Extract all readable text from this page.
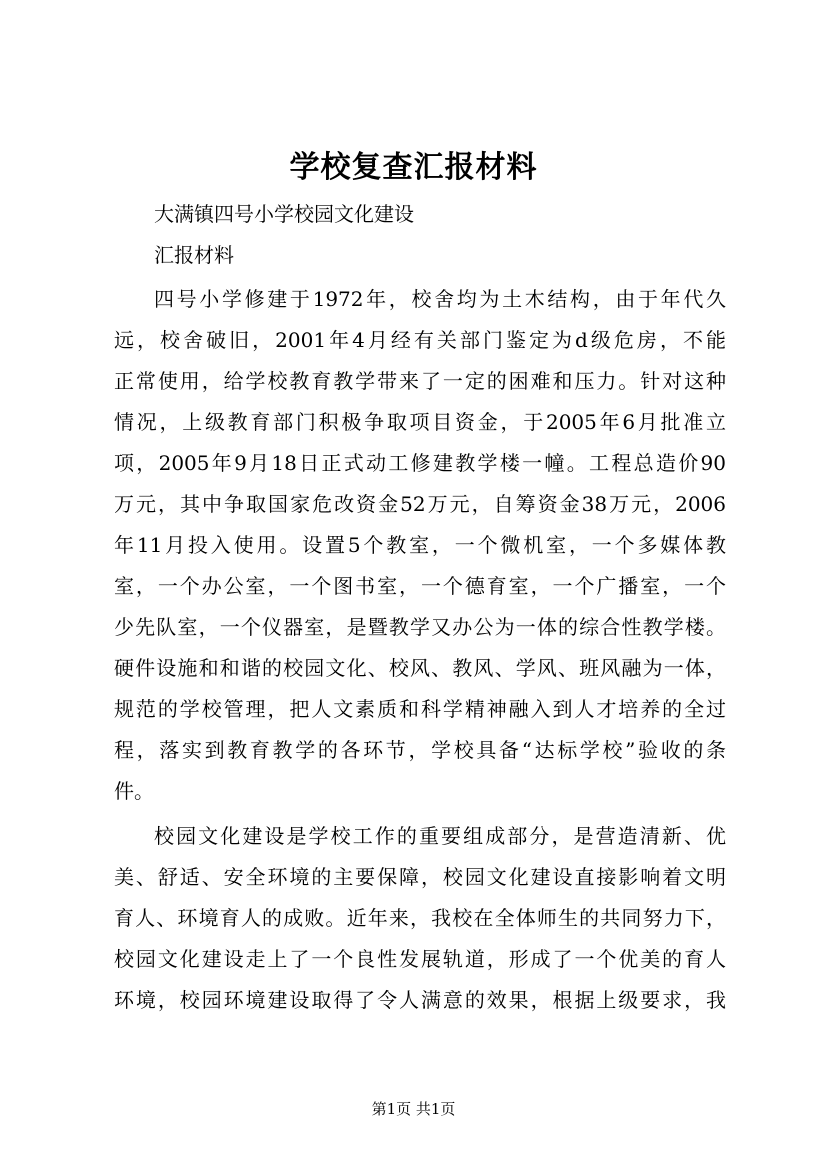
学校复查汇报材料

大满镇四号小学校园文化建设

汇报材料

四号小学修建于1972年，校舍均为土木结构，由于年代久

远，校舍破旧，2001年4月经有关部门鉴定为d级危房，不能

正常使用，给学校教育教学带来了一定的困难和压力。针对这种

情况，上级教育部门积极争取项目资金，于2005年6月批准立

项，2005年9月18日正式动工修建教学楼一幢。工程总造价90

万元，其中争取国家危改资金52万元，自筹资金38万元，2006

年11月投入使用。设置5个教室，一个微机室，一个多媒体教

室，一个办公室，一个图书室，一个德育室，一个广播室，一个

少先队室，一个仪器室，是暨教学又办公为一体的综合性教学楼。

硬件设施和和谐的校园文化、校风、教风、学风、班风融为一体，

规范的学校管理，把人文素质和科学精神融入到人才培养的全过

程，落实到教育教学的各环节，学校具备“达标学校”验收的条

件。

校园文化建设是学校工作的重要组成部分，是营造清新、优

美、舒适、安全环境的主要保障，校园文化建设直接影响着文明

育人、环境育人的成败。近年来，我校在全体师生的共同努力下，

校园文化建设走上了一个良性发展轨道，形成了一个优美的育人

环境，校园环境建设取得了令人满意的效果，根据上级要求，我

第1页 共1页
